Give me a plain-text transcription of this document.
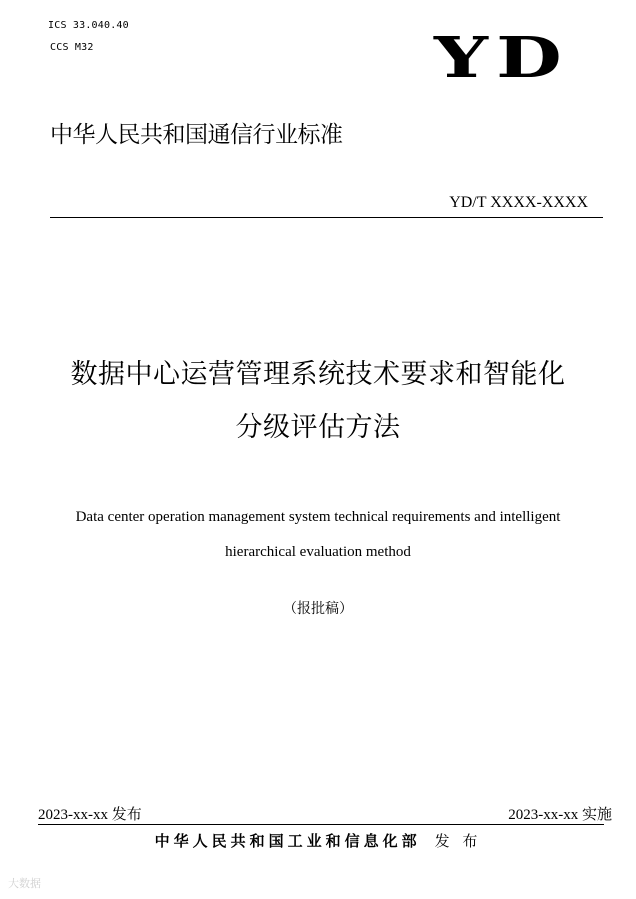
ICS 33.040.40
CCS M32	YD
中华人民共和国通信行业标准
YD/T XXXX-XXXX
数据中心运营管理系统技术要求和智能化
分级评估方法
Data center operation management system technical requirements and intelligent
hierarchical evaluation method
（报批稿）
2023-xx-xx 发布	2023-xx-xx 实施
中华人民共和国工业和信息化部 发 布
大数据
